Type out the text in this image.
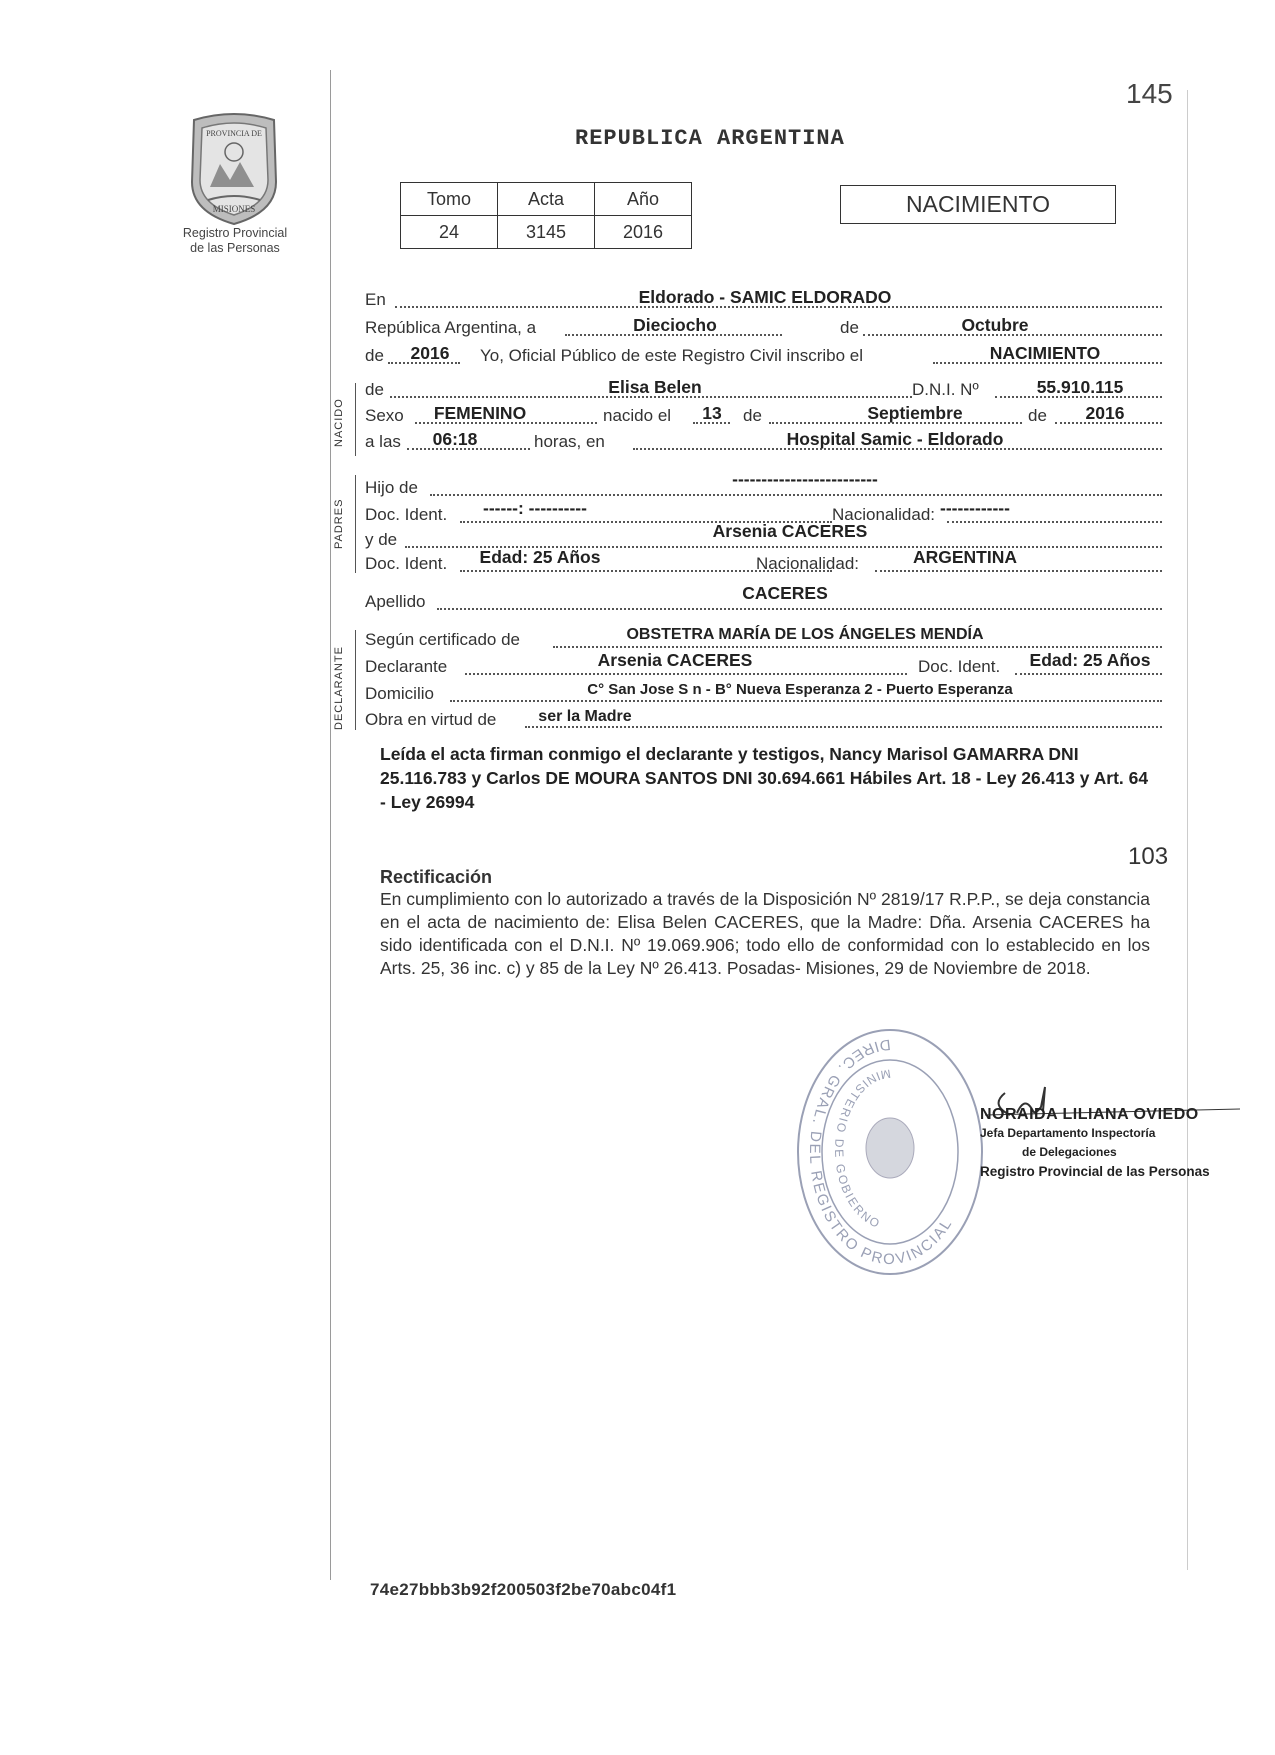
PROVINCIA DE
MISIONES
Registro Provincial
de las Personas
145
REPUBLICA ARGENTINA
Tomo	Acta	Año
24	3145	2016
NACIMIENTO
NACIDO
PADRES
DECLARANTE
En	Eldorado - SAMIC ELDORADO
República Argentina, a	Dieciocho	de	Octubre
de	2016	Yo, Oficial Público de este Registro Civil inscribo el	NACIMIENTO
de	Elisa Belen	D.N.I. Nº	55.910.115
Sexo	FEMENINO	nacido el	13	de	Septiembre	de	2016
a las	06:18	horas, en	Hospital Samic - Eldorado
Hijo de	-------------------------
Doc. Ident.	------: ----------	Nacionalidad: ------------
y de	Arsenia CACERES
Doc. Ident.	Edad: 25 Años	Nacionalidad:	ARGENTINA
Apellido	CACERES
Según certificado de	OBSTETRA MARÍA DE LOS ÁNGELES MENDÍA
Declarante	Arsenia CACERES	Doc. Ident.	Edad: 25 Años
Domicilio	C° San Jose S n - B° Nueva Esperanza 2 - Puerto Esperanza
Obra en virtud de	ser la Madre
Leída el acta firman conmigo el declarante y testigos, Nancy Marisol GAMARRA DNI 25.116.783 y Carlos DE MOURA SANTOS DNI 30.694.661 Hábiles Art. 18 - Ley 26.413 y Art. 64 - Ley 26994
103
Rectificación
En cumplimiento con lo autorizado a través de la Disposición Nº 2819/17 R.P.P., se deja constancia en el acta de nacimiento de: Elisa Belen CACERES, que la Madre: Dña. Arsenia CACERES ha sido identificada con el D.N.I. Nº 19.069.906; todo ello de conformidad con lo establecido en los Arts. 25, 36 inc. c) y 85 de la Ley Nº 26.413. Posadas- Misiones, 29 de Noviembre de 2018.
DIREC. GRAL. DEL REGISTRO PROVINCIAL
MINISTERIO DE GOBIERNO
NORAIDA LILIANA OVIEDO
Jefa Departamento Inspectoría
de Delegaciones
Registro Provincial de las Personas
74e27bbb3b92f200503f2be70abc04f1
